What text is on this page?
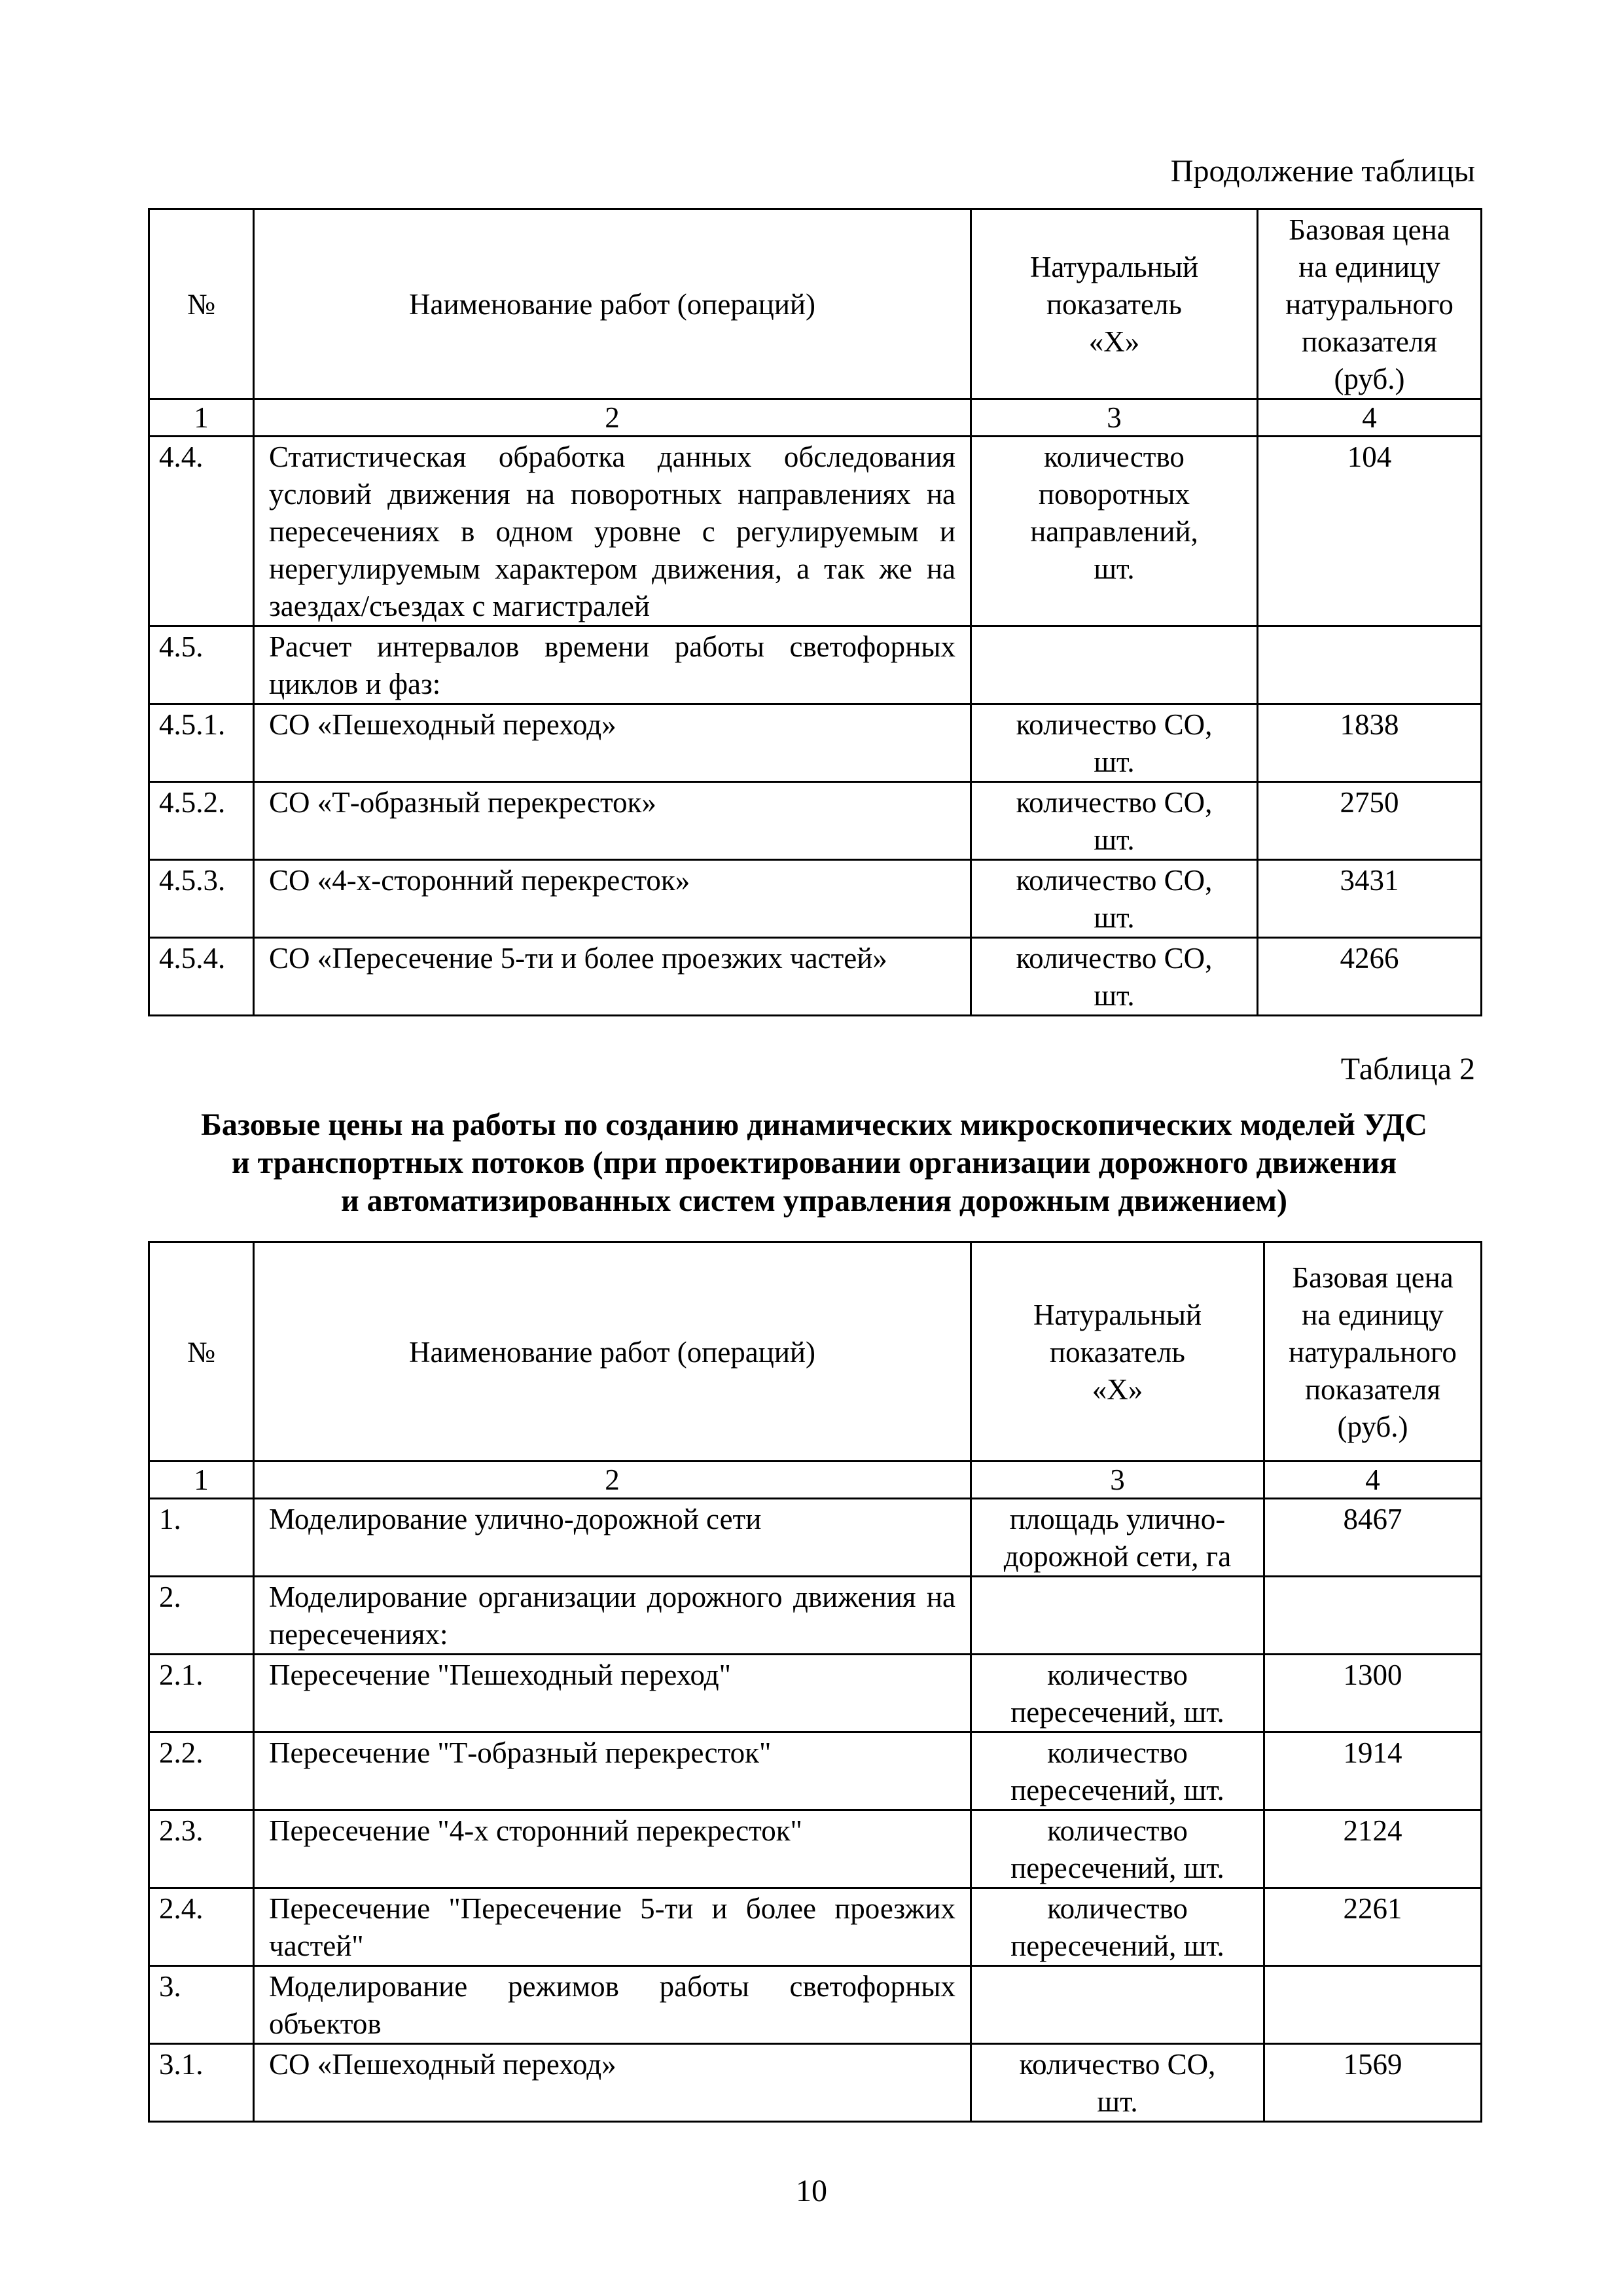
Продолжение таблицы
№	Наименование работ (операций)	Натуральный показатель «Х»	Базовая цена на единицу натурального показателя (руб.)
1	2	3	4
4.4.	Статистическая обработка данных обследования условий движения на поворотных направлениях на пересечениях в одном уровне с регулируемым и нерегулируемым характером движения, а так же на заездах/съездах с магистралей	количество поворотных направлений, шт.	104
4.5.	Расчет интервалов времени работы светофорных циклов и фаз:		
4.5.1.	СО «Пешеходный переход»	количество СО, шт.	1838
4.5.2.	СО «Т-образный перекресток»	количество СО, шт.	2750
4.5.3.	СО «4-х-сторонний перекресток»	количество СО, шт.	3431
4.5.4.	СО «Пересечение 5-ти и более проезжих частей»	количество СО, шт.	4266
Таблица 2
Базовые цены на работы по созданию динамических микроскопических моделей УДС
и транспортных потоков (при проектировании организации дорожного движения
и автоматизированных систем управления дорожным движением)
№	Наименование работ (операций)	Натуральный показатель «Х»	Базовая цена на единицу натурального показателя (руб.)
1	2	3	4
1.	Моделирование улично-дорожной сети	площадь улично-дорожной сети, га	8467
2.	Моделирование организации дорожного движения на пересечениях:		
2.1.	Пересечение "Пешеходный переход"	количество пересечений, шт.	1300
2.2.	Пересечение "Т-образный перекресток"	количество пересечений, шт.	1914
2.3.	Пересечение "4-х сторонний перекресток"	количество пересечений, шт.	2124
2.4.	Пересечение "Пересечение 5-ти и более проезжих частей"	количество пересечений, шт.	2261
3.	Моделирование режимов работы светофорных объектов		
3.1.	СО «Пешеходный переход»	количество СО, шт.	1569
10
